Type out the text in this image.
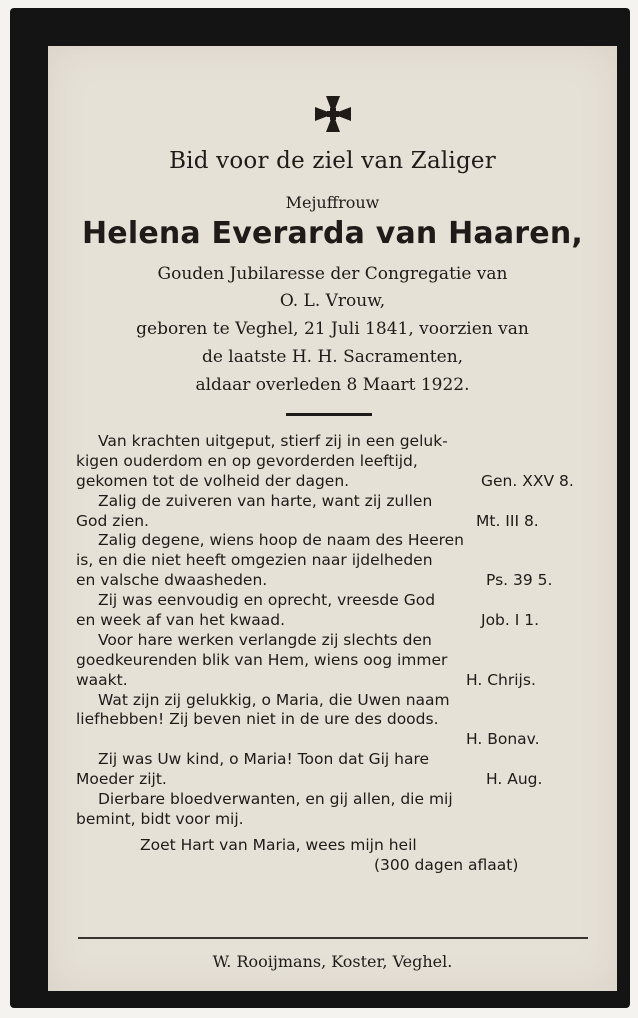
Bid voor de ziel van Zaliger
Mejuffrouw
Helena Everarda van Haaren,
Gouden Jubilaresse der Congregatie van
O. L. Vrouw,
geboren te Veghel, 21 Juli 1841, voorzien van
de laatste H. H. Sacramenten,
aldaar overleden 8 Maart 1922.
Van krachten uitgeput, stierf zij in een geluk-
kigen ouderdom en op gevorderden leeftijd,
gekomen tot de volheid der dagen.	Gen. XXV 8.
Zalig de zuiveren van harte, want zij zullen
God zien.	Mt. III 8.
Zalig degene, wiens hoop de naam des Heeren
is, en die niet heeft omgezien naar ijdelheden
en valsche dwaasheden.	Ps. 39 5.
Zij was eenvoudig en oprecht, vreesde God
en week af van het kwaad.	Job. I 1.
Voor hare werken verlangde zij slechts den
goedkeurenden blik van Hem, wiens oog immer
waakt.	H. Chrijs.
Wat zijn zij gelukkig, o Maria, die Uwen naam
liefhebben! Zij beven niet in de ure des doods.
H. Bonav.
Zij was Uw kind, o Maria! Toon dat Gij hare
Moeder zijt.	H. Aug.
Dierbare bloedverwanten, en gij allen, die mij
bemint, bidt voor mij.
Zoet Hart van Maria, wees mijn heil
(300 dagen aflaat)
W. Rooijmans, Koster, Veghel.
